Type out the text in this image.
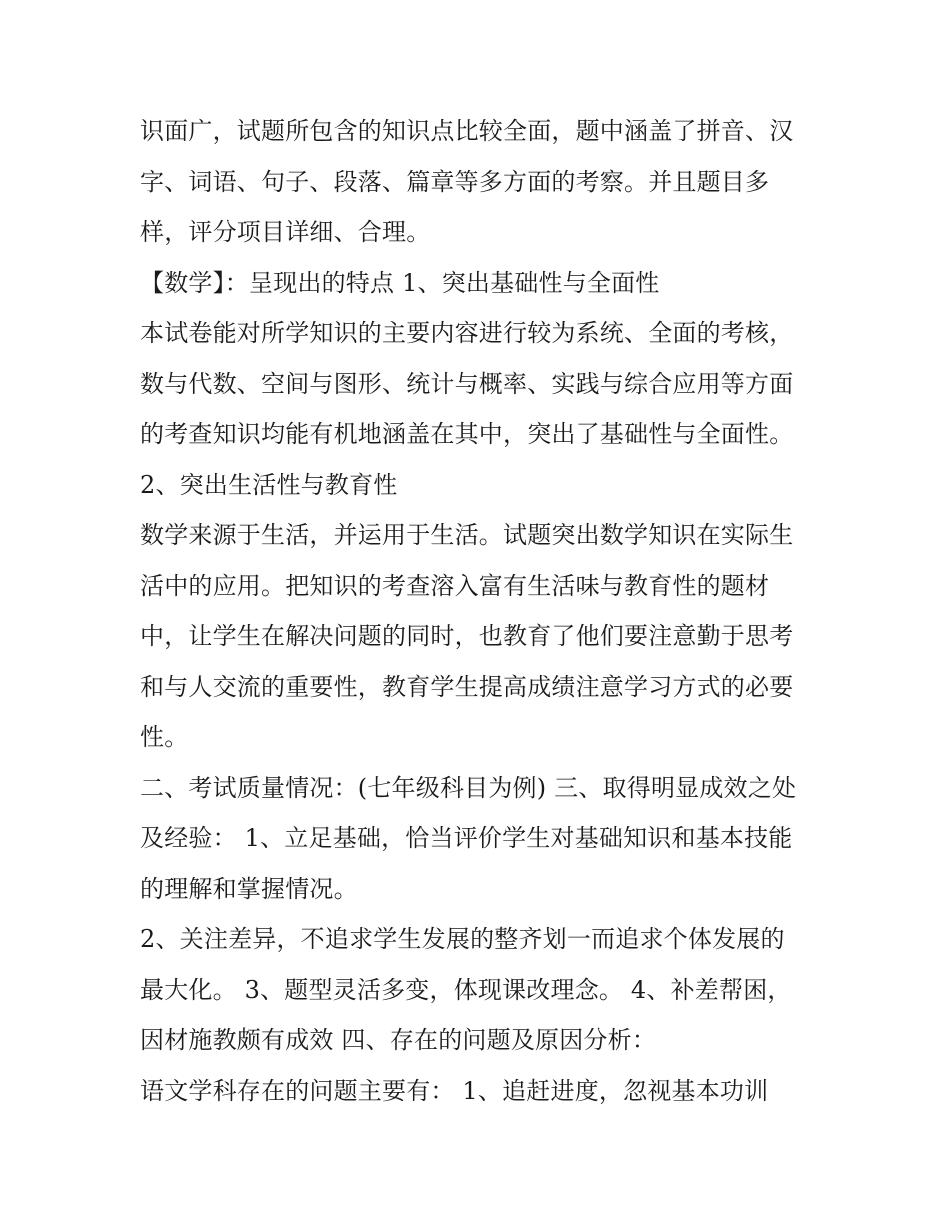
识面广，试题所包含的知识点比较全面，题中涵盖了拼音、汉
字、词语、句子、段落、篇章等多方面的考察。并且题目多
样，评分项目详细、合理。
【数学】：呈现出的特点 1、突出基础性与全面性
本试卷能对所学知识的主要内容进行较为系统、全面的考核，
数与代数、空间与图形、统计与概率、实践与综合应用等方面
的考查知识均能有机地涵盖在其中，突出了基础性与全面性。
2、突出生活性与教育性
数学来源于生活，并运用于生活。试题突出数学知识在实际生
活中的应用。把知识的考查溶入富有生活味与教育性的题材
中，让学生在解决问题的同时，也教育了他们要注意勤于思考
和与人交流的重要性，教育学生提高成绩注意学习方式的必要
性。
二、考试质量情况：(七年级科目为例) 三、取得明显成效之处
及经验： 1、立足基础，恰当评价学生对基础知识和基本技能
的理解和掌握情况。
2、关注差异，不追求学生发展的整齐划一而追求个体发展的
最大化。 3、题型灵活多变，体现课改理念。 4、补差帮困，
因材施教颇有成效 四、存在的问题及原因分析：
语文学科存在的问题主要有： 1、追赶进度，忽视基本功训
